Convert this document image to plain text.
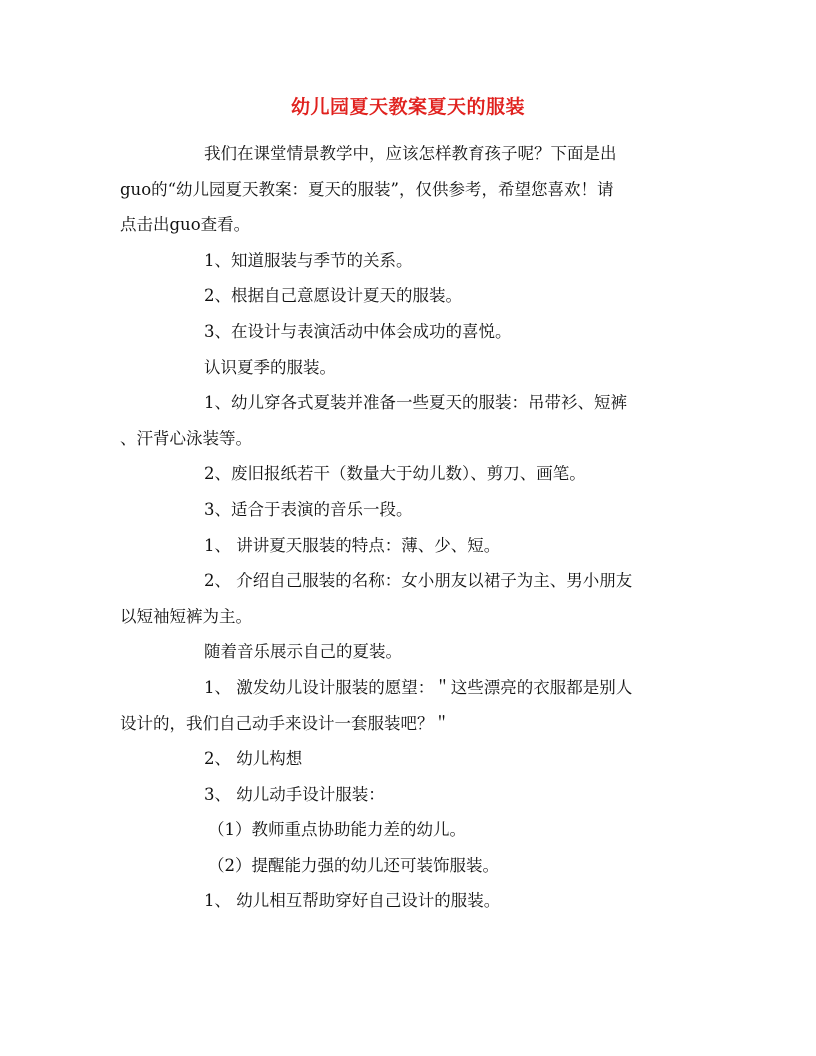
幼儿园夏天教案夏天的服装
我们在课堂情景教学中，应该怎样教育孩子呢？下面是出
guo的“幼儿园夏天教案：夏天的服装”，仅供参考，希望您喜欢！请
点击出guo查看。
1、知道服装与季节的关系。
2、根据自己意愿设计夏天的服装。
3、在设计与表演活动中体会成功的喜悦。
认识夏季的服装。
1、幼儿穿各式夏装并准备一些夏天的服装：吊带衫、短裤
、汗背心泳装等。
2、废旧报纸若干（数量大于幼儿数）、剪刀、画笔。
3、适合于表演的音乐一段。
1、 讲讲夏天服装的特点：薄、少、短。
2、 介绍自己服装的名称：女小朋友以裙子为主、男小朋友
以短袖短裤为主。
随着音乐展示自己的夏装。
1、 激发幼儿设计服装的愿望：＂这些漂亮的衣服都是别人
设计的，我们自己动手来设计一套服装吧？＂
2、 幼儿构想
3、 幼儿动手设计服装：
（1）教师重点协助能力差的幼儿。
（2）提醒能力强的幼儿还可装饰服装。
1、 幼儿相互帮助穿好自己设计的服装。
